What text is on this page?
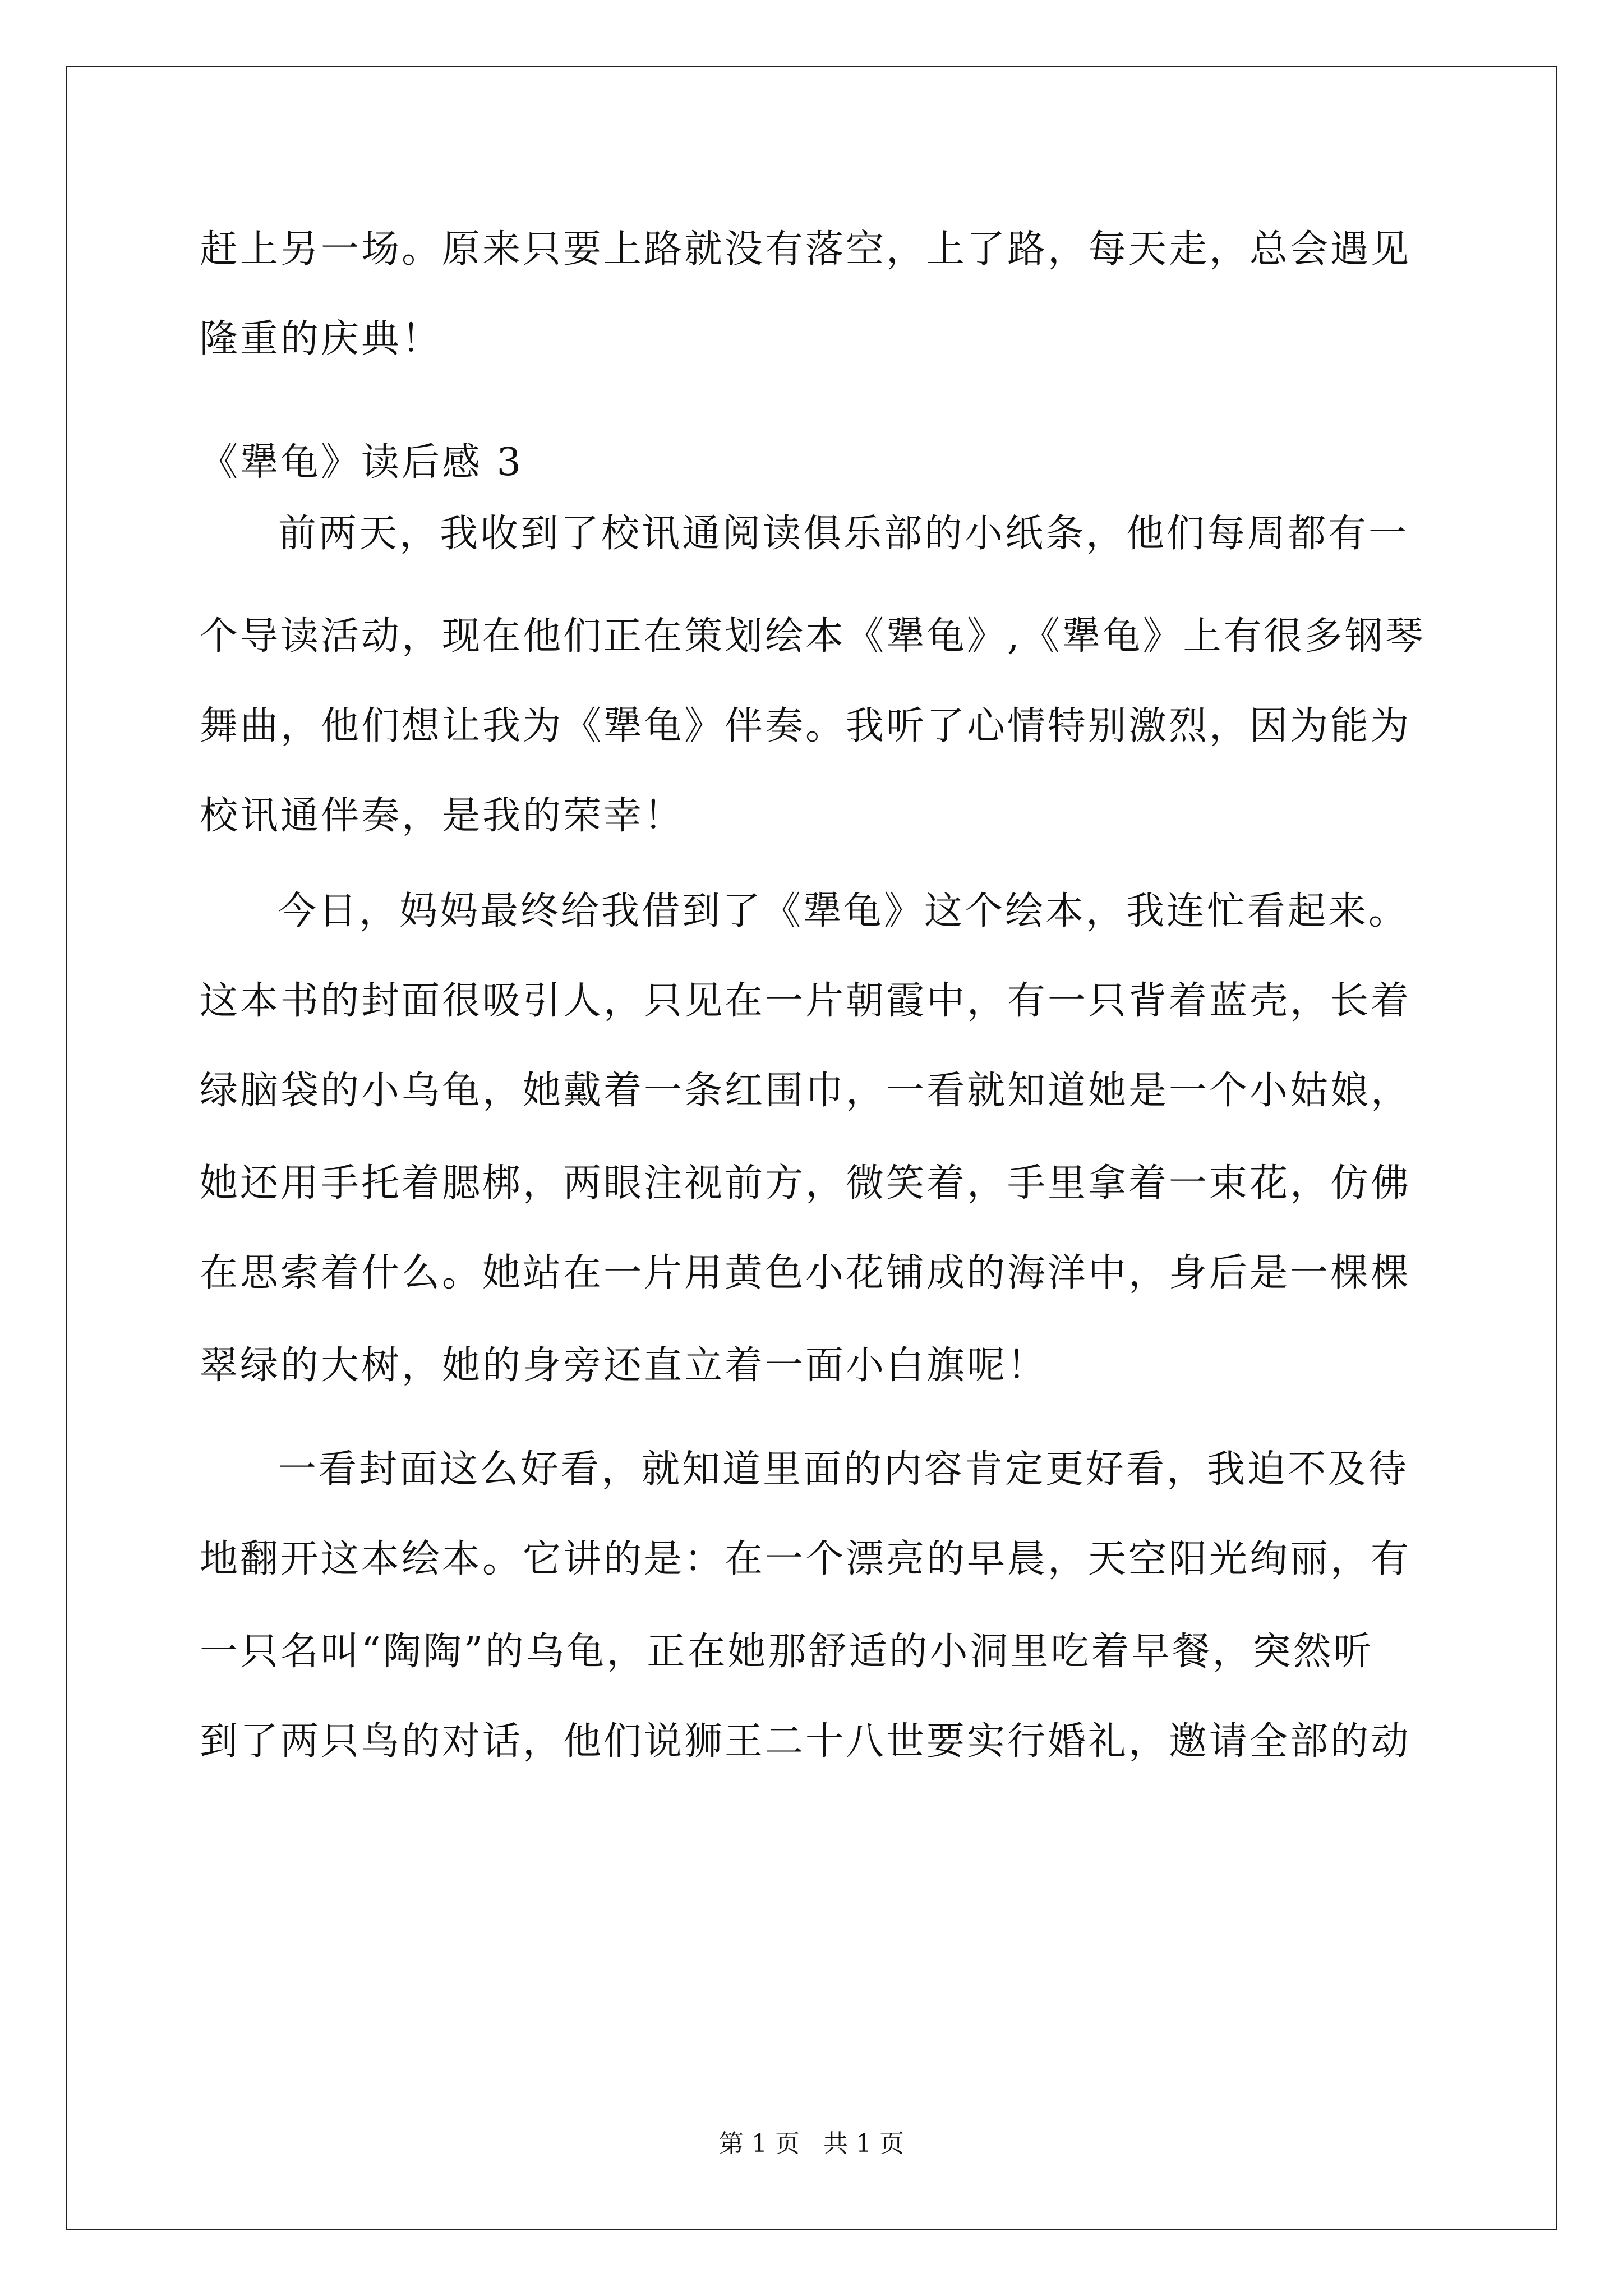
赶上另一场。原来只要上路就没有落空，上了路，每天走，总会遇见
隆重的庆典！
《犟龟》读后感 3
前两天，我收到了校讯通阅读俱乐部的小纸条，他们每周都有一
个导读活动，现在他们正在策划绘本《犟龟》,《犟龟》上有很多钢琴
舞曲，他们想让我为《犟龟》伴奏。我听了心情特别激烈，因为能为
校讯通伴奏，是我的荣幸！
今日，妈妈最终给我借到了《犟龟》这个绘本，我连忙看起来。
这本书的封面很吸引人，只见在一片朝霞中，有一只背着蓝壳，长着
绿脑袋的小乌龟，她戴着一条红围巾，一看就知道她是一个小姑娘，
她还用手托着腮梆，两眼注视前方，微笑着，手里拿着一束花，仿佛
在思索着什么。她站在一片用黄色小花铺成的海洋中，身后是一棵棵
翠绿的大树，她的身旁还直立着一面小白旗呢！
一看封面这么好看，就知道里面的内容肯定更好看，我迫不及待
地翻开这本绘本。它讲的是：在一个漂亮的早晨，天空阳光绚丽，有
一只名叫“陶陶”的乌龟，正在她那舒适的小洞里吃着早餐，突然听
到了两只鸟的对话，他们说狮王二十八世要实行婚礼，邀请全部的动
第 1 页 共 1 页
